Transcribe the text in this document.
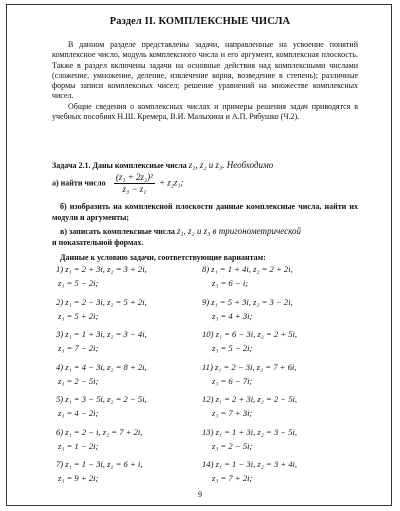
Раздел II. КОМПЛЕКСНЫЕ ЧИСЛА

В данном разделе представлены задачи, направленные на усвоение понятий комплексное число, модуль комплексного числа и его аргумент, комплексная плоскость. Также в раздел включены задачи на основные действия над комплексными числами (сложение, умножение, деление, извлечение корня, возведение в степень); различные формы записи комплексных чисел; решение уравнений на множестве комплексных чисел.

Общие сведения о комплексных числах и примеры решения задач приводятся в учебных пособиях Н.Ш. Кремера, В.И. Малыхина и А.П. Рябушко (Ч.2).

Задача 2.1. Даны комплексные числа z₁, z₂ и z₃. Необходимо
а) найти число $\frac{\text{(z₁ + 2z₂)²}}{\text{z₃ − z₁}} + z_2z_1$;
б) изобразить на комплексной плоскости данные комплексные числа, найти их модули и аргументы;
в) записать комплексные числа z₁, z₂ и z₃ в тригонометрической
и показательной формах.
Данные к условию задачи, соответствующие вариантам:
1) z₁ = 2 + 3i, z₂ = 3 + 2i,
z₃ = 5 − 2i;
2) z₁ = 2 − 3i, z₂ = 5 + 2i,
z₃ = 5 + 2i;
3) z₁ = 1 + 3i, z₂ = 3 − 4i,
z₃ = 7 − 2i;
4) z₁ = 4 − 3i, z₂ = 8 + 2i,
z₃ = 2 − 5i;
5) z₁ = 3 − 5i, z₂ = 2 − 5i,
z₃ = 4 − 2i;
6) z₁ = 2 − i, z₂ = 7 + 2i,
z₃ = 1 − 2i;
7) z₁ = 1 − 3i, z₂ = 6 + i,
z₃ = 9 + 2i;
8) z₁ = 1 + 4i, z₂ = 2 + 2i,
z₃ = 6 − i;
9) z₁ = 5 + 3i, z₂ = 3 − 2i,
z₃ = 4 + 3i;
10) z₁ = 6 − 3i, z₂ = 2 + 5i,
z₃ = 5 − 2i;
11) z₁ = 2 − 3i, z₂ = 7 + 6i,
z₃ = 6 − 7i;
12) z₁ = 2 + 3i, z₂ = 2 − 5i,
z₃ = 7 + 3i;
13) z₁ = 1 + 3i, z₂ = 3 − 5i,
z₃ = 2 − 5i;
14) z₁ = 1 − 3i, z₂ = 3 + 4i,
z₃ = 7 + 2i;
9
